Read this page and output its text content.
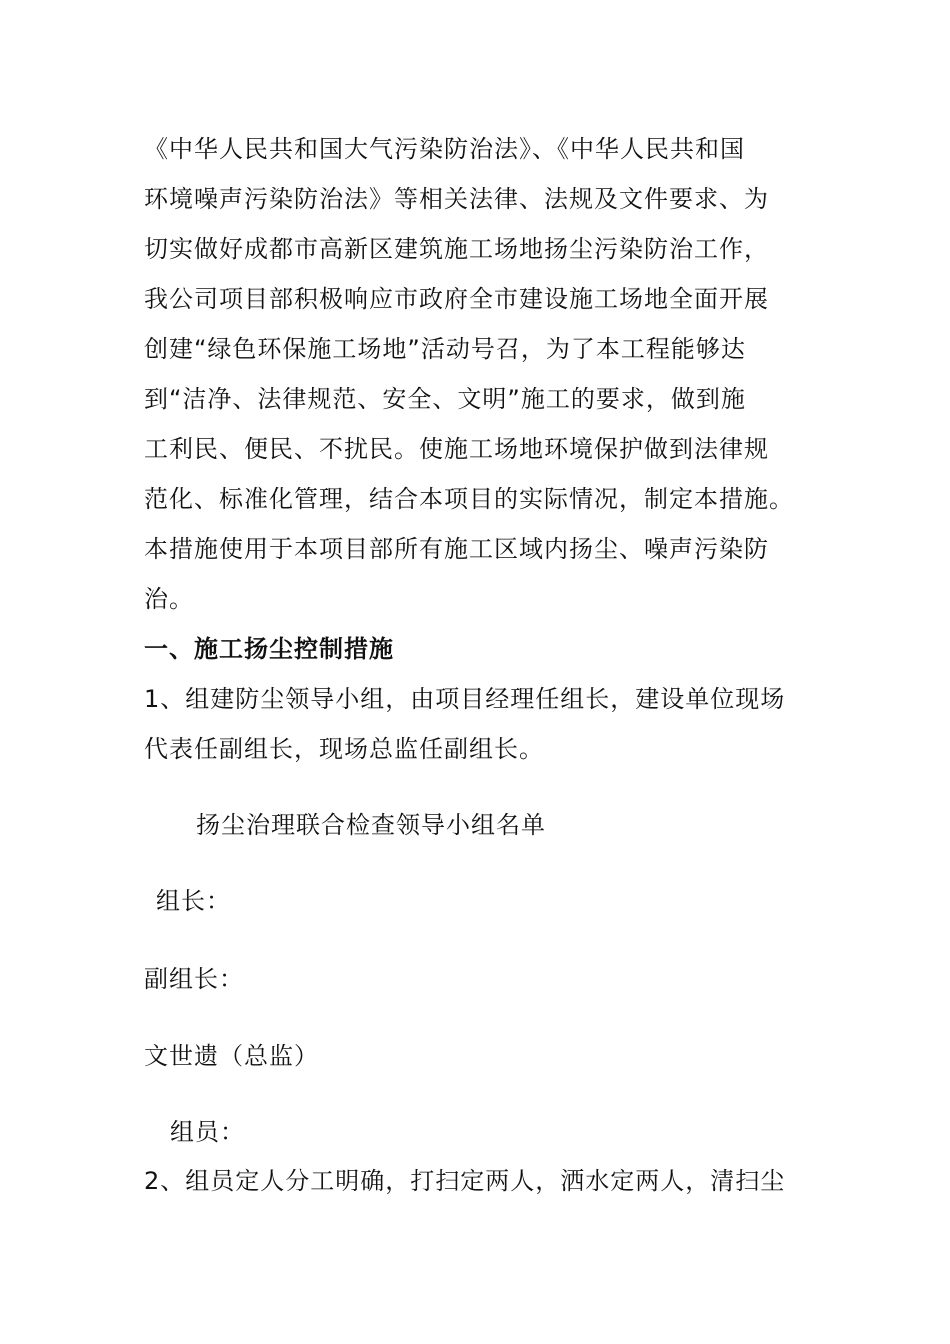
《中华人民共和国大气污染防治法》、《中华人民共和国
环境噪声污染防治法》等相关法律、法规及文件要求、为
切实做好成都市高新区建筑施工场地扬尘污染防治工作，
我公司项目部积极响应市政府全市建设施工场地全面开展
创建“绿色环保施工场地”活动号召，为了本工程能够达
到“洁净、法律规范、安全、文明”施工的要求，做到施
工利民、便民、不扰民。使施工场地环境保护做到法律规
范化、标准化管理，结合本项目的实际情况，制定本措施。
本措施使用于本项目部所有施工区域内扬尘、噪声污染防
治。
一、施工扬尘控制措施
1、组建防尘领导小组，由项目经理任组长，建设单位现场
代表任副组长，现场总监任副组长。
扬尘治理联合检查领导小组名单
组长：
副组长：
文世遗（总监）
组员：
2、组员定人分工明确，打扫定两人，洒水定两人，清扫尘
